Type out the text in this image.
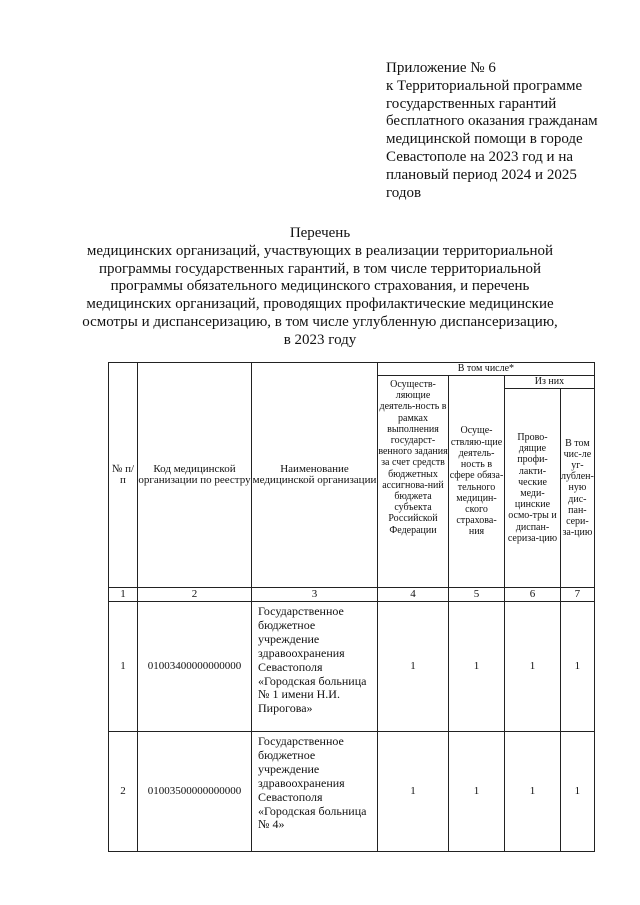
Приложение № 6
к Территориальной программе
государственных гарантий
бесплатного оказания гражданам
медицинской помощи в городе
Севастополе на 2023 год и на
плановый период 2024 и 2025
годов
Перечень
медицинских организаций, участвующих в реализации территориальной
программы государственных гарантий, в том числе территориальной
программы обязательного медицинского страхования, и перечень
медицинских организаций, проводящих профилактические медицинские
осмотры и диспансеризацию, в том числе углубленную диспансеризацию,
в 2023 году
№ п/п	Код медицинской организации по реестру	Наименование медицинской организации	В том числе*			
			Осуществ-ляющие деятель-ность в рамках выполнения государст-венного задания за счет средств бюджетных ассигнова-ний бюджета субъекта Российской Федерации	Осуще-ствляю-щие деятель-ность в сфере обяза-тельного медицин-ского страхова-ния	Из них	
					Прово-дящие профи-лакти-ческие меди-цинские осмо-тры и диспан-сериза-цию	В том чис-ле уг-лублен-ную дис-пан-сери-за-цию
1	2	3	4	5	6	7
1	01003400000000000	Государственное бюджетное учреждение здравоохранения Севастополя «Городская больница № 1 имени Н.И. Пирогова»	1	1	1	1
2	01003500000000000	Государственное бюджетное учреждение здравоохранения Севастополя «Городская больница № 4»	1	1	1	1
